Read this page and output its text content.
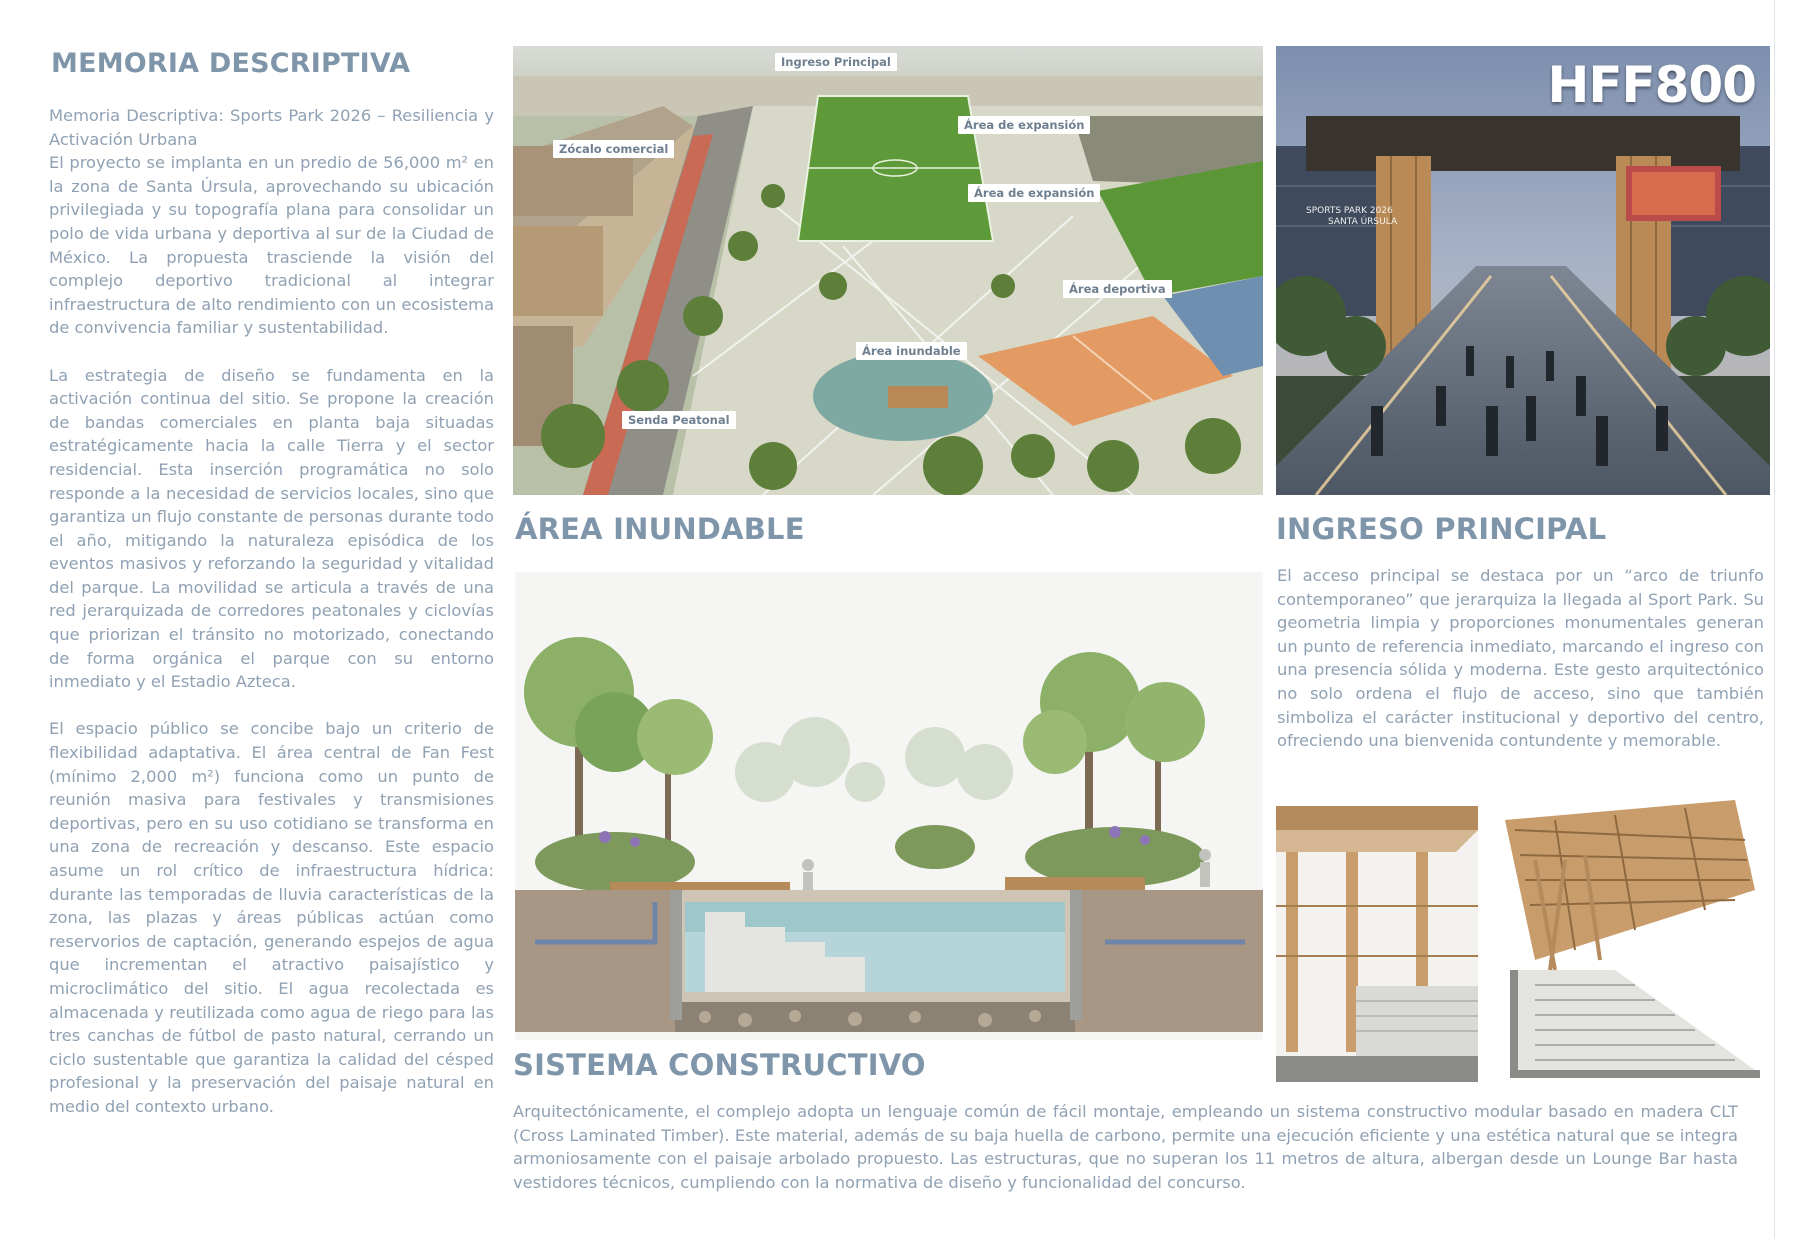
MEMORIA DESCRIPTIVA

Memoria Descriptiva: Sports Park 2026 – Resiliencia y Activación Urbana
El proyecto se implanta en un predio de 56,000 m² en la zona de Santa Úrsula, aprovechando su ubicación privilegiada y su topografía plana para consolidar un polo de vida urbana y deportiva al sur de la Ciudad de México. La propuesta trasciende la visión del complejo deportivo tradicional al integrar infraestructura de alto rendimiento con un ecosistema de convivencia familiar y sustentabilidad.

La estrategia de diseño se fundamenta en la activación continua del sitio. Se propone la creación de bandas comerciales en planta baja situadas estratégicamente hacia la calle Tierra y el sector residencial. Esta inserción programática no solo responde a la necesidad de servicios locales, sino que garantiza un flujo constante de personas durante todo el año, mitigando la naturaleza episódica de los eventos masivos y reforzando la seguridad y vitalidad del parque. La movilidad se articula a través de una red jerarquizada de corredores peatonales y ciclovías que priorizan el tránsito no motorizado, conectando de forma orgánica el parque con su entorno inmediato y el Estadio Azteca.

El espacio público se concibe bajo un criterio de flexibilidad adaptativa. El área central de Fan Fest (mínimo 2,000 m²) funciona como un punto de reunión masiva para festivales y transmisiones deportivas, pero en su uso cotidiano se transforma en una zona de recreación y descanso. Este espacio asume un rol crítico de infraestructura hídrica: durante las temporadas de lluvia características de la zona, las plazas y áreas públicas actúan como reservorios de captación, generando espejos de agua que incrementan el atractivo paisajístico y microclimático del sitio. El agua recolectada es almacenada y reutilizada como agua de riego para las tres canchas de fútbol de pasto natural, cerrando un ciclo sustentable que garantiza la calidad del césped profesional y la preservación del paisaje natural en medio del contexto urbano.

Ingreso Principal
Área de expansión
Zócalo comercial
Área de expansión
Área deportiva
Área inundable
Senda Peatonal
HFF800
SPORTS PARK 2026
SANTA ÚRSULA
ÁREA INUNDABLE	INGRESO PRINCIPAL

El acceso principal se destaca por un “arco de triunfo contemporaneo” que jerarquiza la llegada al Sport Park. Su geometria limpia y proporciones monumentales generan un punto de referencia inmediato, marcando el ingreso con una presencia sólida y moderna. Este gesto arquitectónico no solo ordena el flujo de acceso, sino que también simboliza el carácter institucional y deportivo del centro, ofreciendo una bienvenida contundente y memorable.

SISTEMA CONSTRUCTIVO

Arquitectónicamente, el complejo adopta un lenguaje común de fácil montaje, empleando un sistema constructivo modular basado en madera CLT (Cross Laminated Timber). Este material, además de su baja huella de carbono, permite una ejecución eficiente y una estética natural que se integra armoniosamente con el paisaje arbolado propuesto. Las estructuras, que no superan los 11 metros de altura, albergan desde un Lounge Bar hasta vestidores técnicos, cumpliendo con la normativa de diseño y funcionalidad del concurso.
